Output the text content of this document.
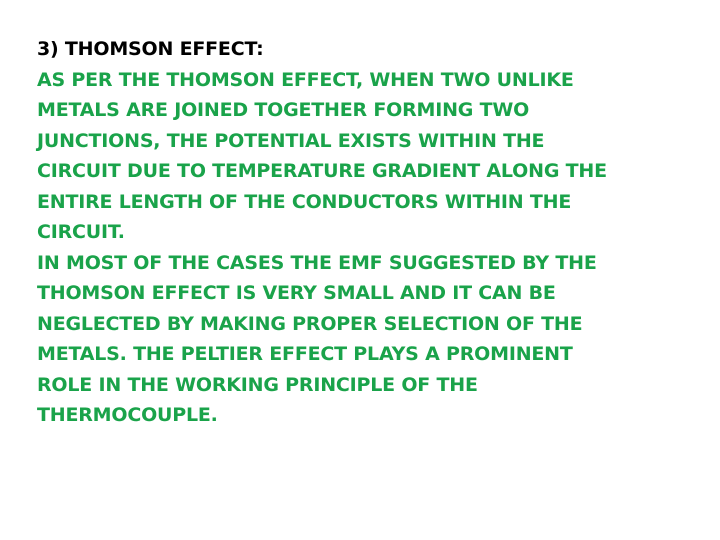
3) THOMSON EFFECT:
AS PER THE THOMSON EFFECT, WHEN TWO UNLIKE
METALS ARE JOINED TOGETHER FORMING TWO
JUNCTIONS, THE POTENTIAL EXISTS WITHIN THE
CIRCUIT DUE TO TEMPERATURE GRADIENT ALONG THE
ENTIRE LENGTH OF THE CONDUCTORS WITHIN THE
CIRCUIT.
IN MOST OF THE CASES THE EMF SUGGESTED BY THE
THOMSON EFFECT IS VERY SMALL AND IT CAN BE
NEGLECTED BY MAKING PROPER SELECTION OF THE
METALS. THE PELTIER EFFECT PLAYS A PROMINENT
ROLE IN THE WORKING PRINCIPLE OF THE
THERMOCOUPLE.
